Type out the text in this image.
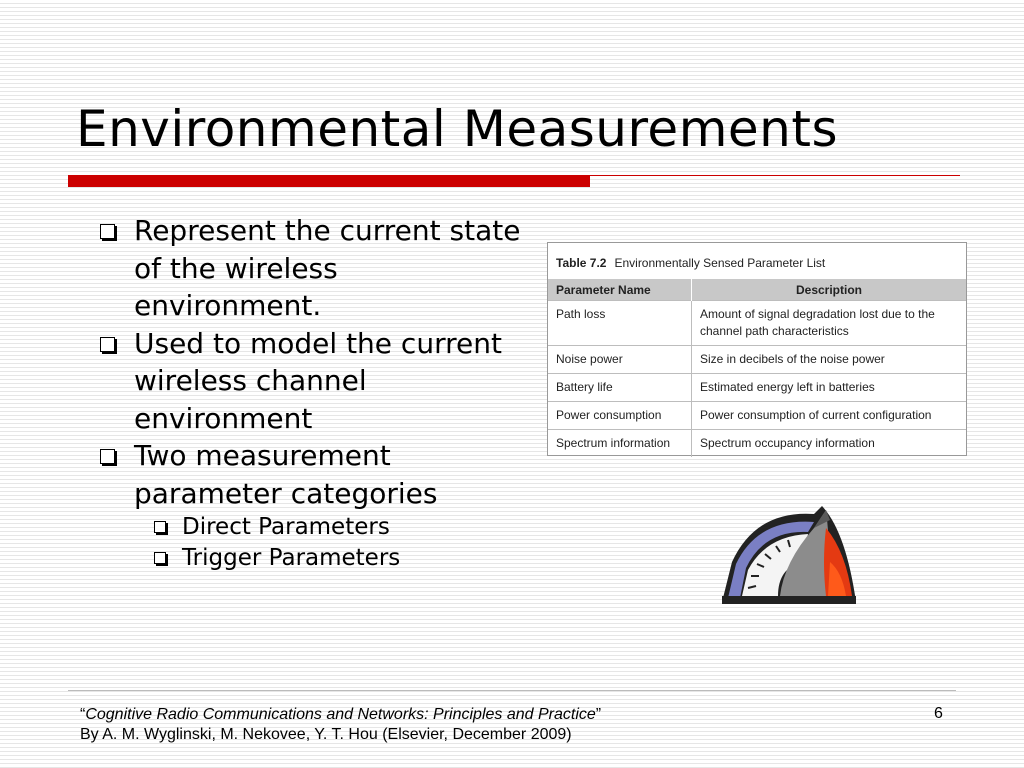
Environmental Measurements
Represent the current state of the wireless environment.
Used to model the current wireless channel environment
Two measurement parameter categories
Direct Parameters
Trigger Parameters
Table 7.2 Environmentally Sensed Parameter List
Parameter Name	Description
Path loss	Amount of signal degradation lost due to the channel path characteristics
Noise power	Size in decibels of the noise power
Battery life	Estimated energy left in batteries
Power consumption	Power consumption of current configuration
Spectrum information	Spectrum occupancy information
“Cognitive Radio Communications and Networks: Principles and Practice”
By A. M. Wyglinski, M. Nekovee, Y. T. Hou (Elsevier, December 2009)
6
